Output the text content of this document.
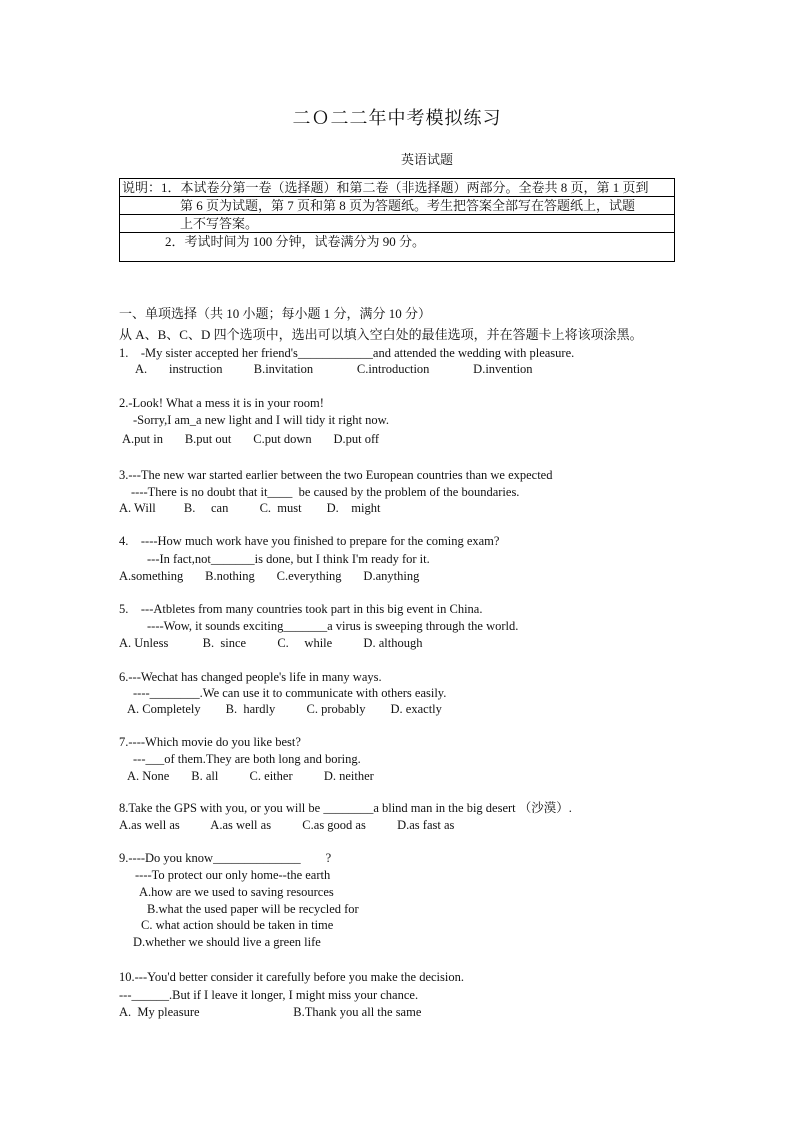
二Ｏ二二年中考模拟练习
英语试题
说明：1．本试卷分第一卷（选择题）和第二卷（非选择题）两部分。全卷共 8 页，第 1 页到
第 6 页为试题，第 7 页和第 8 页为答题纸。考生把答案全部写在答题纸上，试题
上不写答案。
2．考试时间为 100 分钟，试卷满分为 90 分。
一、单项选择（共 10 小题；每小题 1 分，满分 10 分）
从 A、B、C、D 四个选项中，选出可以填入空白处的最佳选项，并在答题卡上将该项涂黑。
1.    -My sister accepted her friend's____________and attended the wedding with pleasure.
A.       instruction          B.invitation              C.introduction              D.invention
2.-Look! What a mess it is in your room!
-Sorry,I am_a new light and I will tidy it right now.
A.put in       B.put out       C.put down       D.put off
3.---The new war started earlier between the two European countries than we expected
----There is no doubt that it____  be caused by the problem of the boundaries.
A. Will         B.     can          C.  must        D.    might
4.    ----How much work have you finished to prepare for the coming exam?
---In fact,not_______is done, but I think I'm ready for it.
A.something       B.nothing       C.everything       D.anything
5.    ---Atbletes from many countries took part in this big event in China.
----Wow, it sounds exciting_______a virus is sweeping through the world.
A. Unless           B.  since          C.     while          D. although
6.---Wechat has changed people's life in many ways.
----________.We can use it to communicate with others easily.
A. Completely        B.  hardly          C. probably        D. exactly
7.----Which movie do you like best?
---___of them.They are both long and boring.
A. None       B. all          C. either          D. neither
8.Take the GPS with you, or you will be ________a blind man in the big desert （沙漠）.
A.as well as          A.as well as          C.as good as          D.as fast as
9.----Do you know______________        ?
----To protect our only home--the earth
A.how are we used to saving resources
B.what the used paper will be recycled for
C. what action should be taken in time
D.whether we should live a green life
10.---You'd better consider it carefully before you make the decision.
---______.But if I leave it longer, I might miss your chance.
A.  My pleasure                              B.Thank you all the same
